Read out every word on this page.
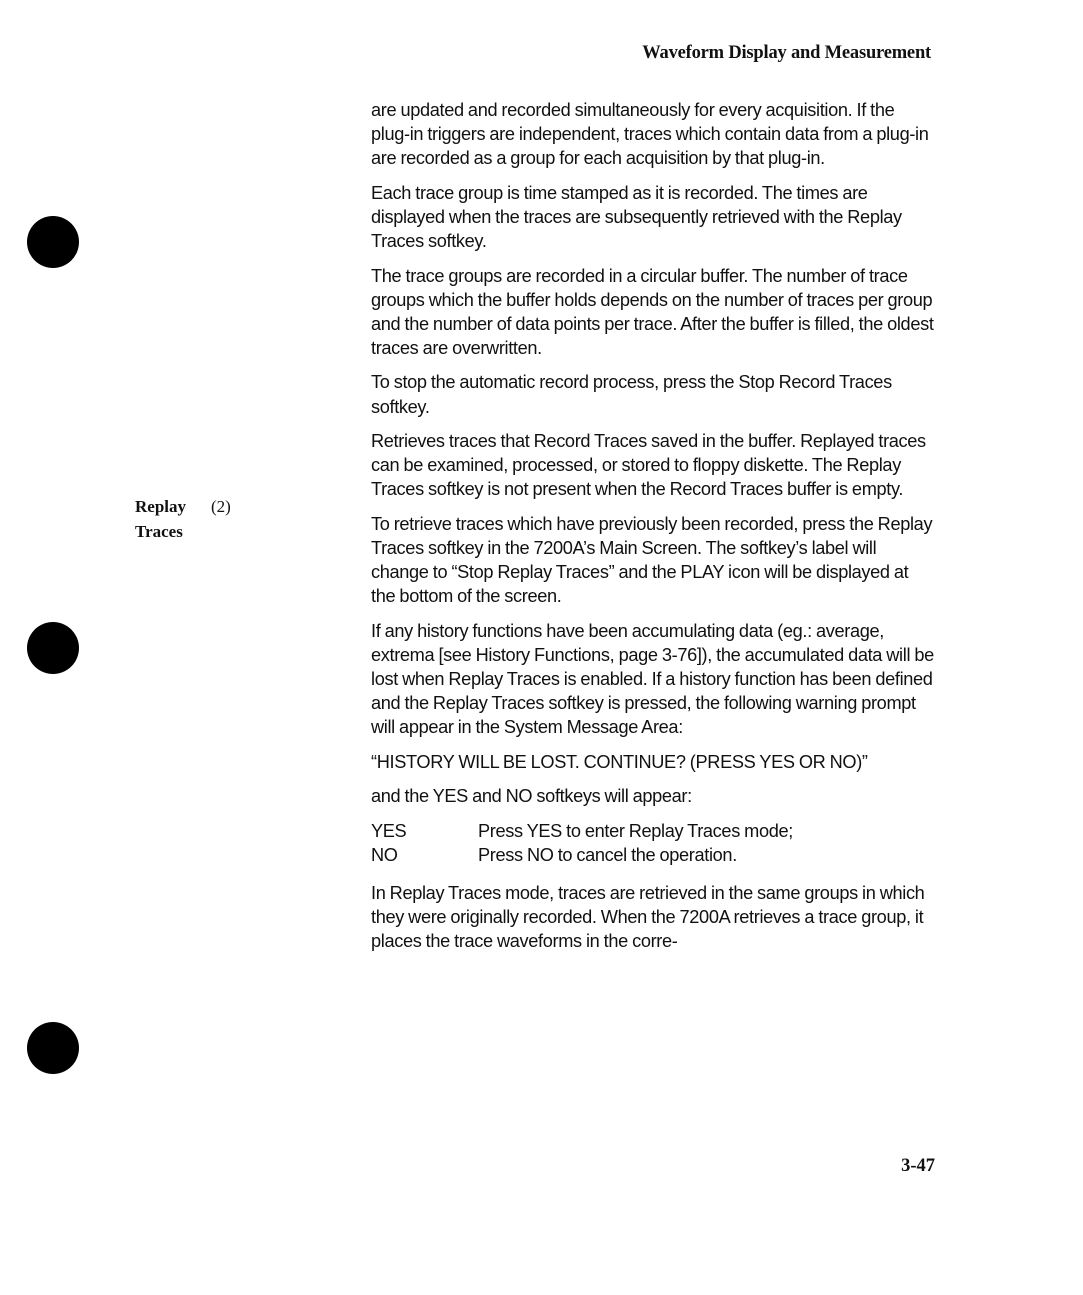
Waveform Display and Measurement
Replay
Traces
(2)

are updated and recorded simultaneously for every acquisition. If the plug-in triggers are independent, traces which contain data from a plug-in are recorded as a group for each acquisition by that plug-in.

Each trace group is time stamped as it is recorded. The times are displayed when the traces are subsequently retrieved with the Replay Traces softkey.

The trace groups are recorded in a circular buffer. The number of trace groups which the buffer holds depends on the number of traces per group and the number of data points per trace. After the buffer is filled, the oldest traces are overwritten.

To stop the automatic record process, press the Stop Record Traces softkey.

Retrieves traces that Record Traces saved in the buffer. Replayed traces can be examined, processed, or stored to floppy diskette. The Replay Traces softkey is not present when the Record Traces buffer is empty.

To retrieve traces which have previously been recorded, press the Replay Traces softkey in the 7200A’s Main Screen. The softkey’s label will change to “Stop Replay Traces” and the PLAY icon will be displayed at the bottom of the screen.

If any history functions have been accumulating data (eg.: average, extrema [see History Functions, page 3-76]), the accumulated data will be lost when Replay Traces is enabled. If a history function has been defined and the Replay Traces softkey is pressed, the following warning prompt will appear in the System Message Area:

“HISTORY WILL BE LOST. CONTINUE? (PRESS YES OR NO)”

and the YES and NO softkeys will appear:

YES	Press YES to enter Replay Traces mode;
NO	Press NO to cancel the operation.

In Replay Traces mode, traces are retrieved in the same groups in which they were originally recorded. When the 7200A retrieves a trace group, it places the trace waveforms in the corre-

3-47
